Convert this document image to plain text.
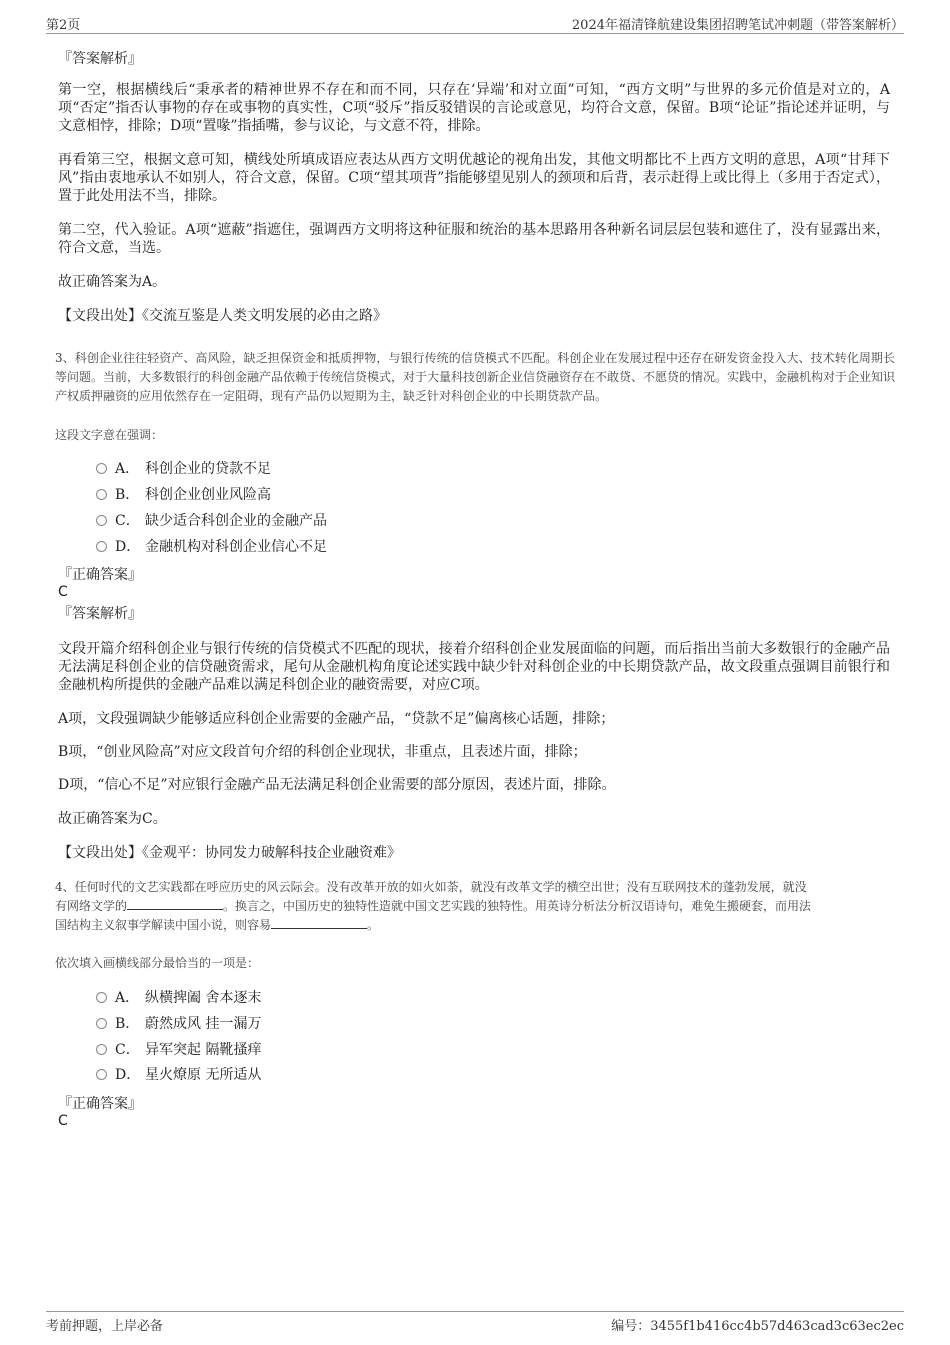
第2页	2024年福清锋航建设集团招聘笔试冲刺题（带答案解析）
『答案解析』
第一空，根据横线后“秉承者的精神世界不存在和而不同，只存在‘异端’和对立面”可知，“西方文明”与世界的多元价值是对立的，A项“否定”指否认事物的存在或事物的真实性，C项“驳斥”指反驳错误的言论或意见，均符合文意，保留。B项“论证”指论述并证明，与文意相悖，排除；D项“置喙”指插嘴，参与议论，与文意不符，排除。
再看第三空，根据文意可知，横线处所填成语应表达从西方文明优越论的视角出发，其他文明都比不上西方文明的意思，A项“甘拜下风”指由衷地承认不如别人，符合文意，保留。C项“望其项背”指能够望见别人的颈项和后背，表示赶得上或比得上（多用于否定式），置于此处用法不当，排除。
第二空，代入验证。A项“遮蔽”指遮住，强调西方文明将这种征服和统治的基本思路用各种新名词层层包装和遮住了，没有显露出来，符合文意，当选。
故正确答案为A。
【文段出处】《交流互鉴是人类文明发展的必由之路》
3、科创企业往往轻资产、高风险，缺乏担保资金和抵质押物，与银行传统的信贷模式不匹配。科创企业在发展过程中还存在研发资金投入大、技术转化周期长等问题。当前，大多数银行的科创金融产品依赖于传统信贷模式，对于大量科技创新企业信贷融资存在不敢贷、不愿贷的情况。实践中，金融机构对于企业知识产权质押融资的应用依然存在一定阻碍，现有产品仍以短期为主，缺乏针对科创企业的中长期贷款产品。
这段文字意在强调：
A． 科创企业的贷款不足
B． 科创企业创业风险高
C． 缺少适合科创企业的金融产品
D． 金融机构对科创企业信心不足
『正确答案』
C
『答案解析』
文段开篇介绍科创企业与银行传统的信贷模式不匹配的现状，接着介绍科创企业发展面临的问题，而后指出当前大多数银行的金融产品无法满足科创企业的信贷融资需求，尾句从金融机构角度论述实践中缺少针对科创企业的中长期贷款产品，故文段重点强调目前银行和金融机构所提供的金融产品难以满足科创企业的融资需要，对应C项。
A项，文段强调缺少能够适应科创企业需要的金融产品，“贷款不足”偏离核心话题，排除；
B项，“创业风险高”对应文段首句介绍的科创企业现状，非重点，且表述片面，排除；
D项，“信心不足”对应银行金融产品无法满足科创企业需要的部分原因，表述片面，排除。
故正确答案为C。
【文段出处】《金观平：协同发力破解科技企业融资难》
4、任何时代的文艺实践都在呼应历史的风云际会。没有改革开放的如火如荼，就没有改革文学的横空出世；没有互联网技术的蓬勃发展，就没
有网络文学的	。换言之，中国历史的独特性造就中国文艺实践的独特性。用英诗分析法分析汉语诗句，难免生搬硬套，而用法
国结构主义叙事学解读中国小说，则容易	。
依次填入画横线部分最恰当的一项是：
A． 纵横捭阖 舍本逐末
B． 蔚然成风 挂一漏万
C． 异军突起 隔靴搔痒
D． 星火燎原 无所适从
『正确答案』
C
考前押题，上岸必备	编号：3455f1b416cc4b57d463cad3c63ec2ec
